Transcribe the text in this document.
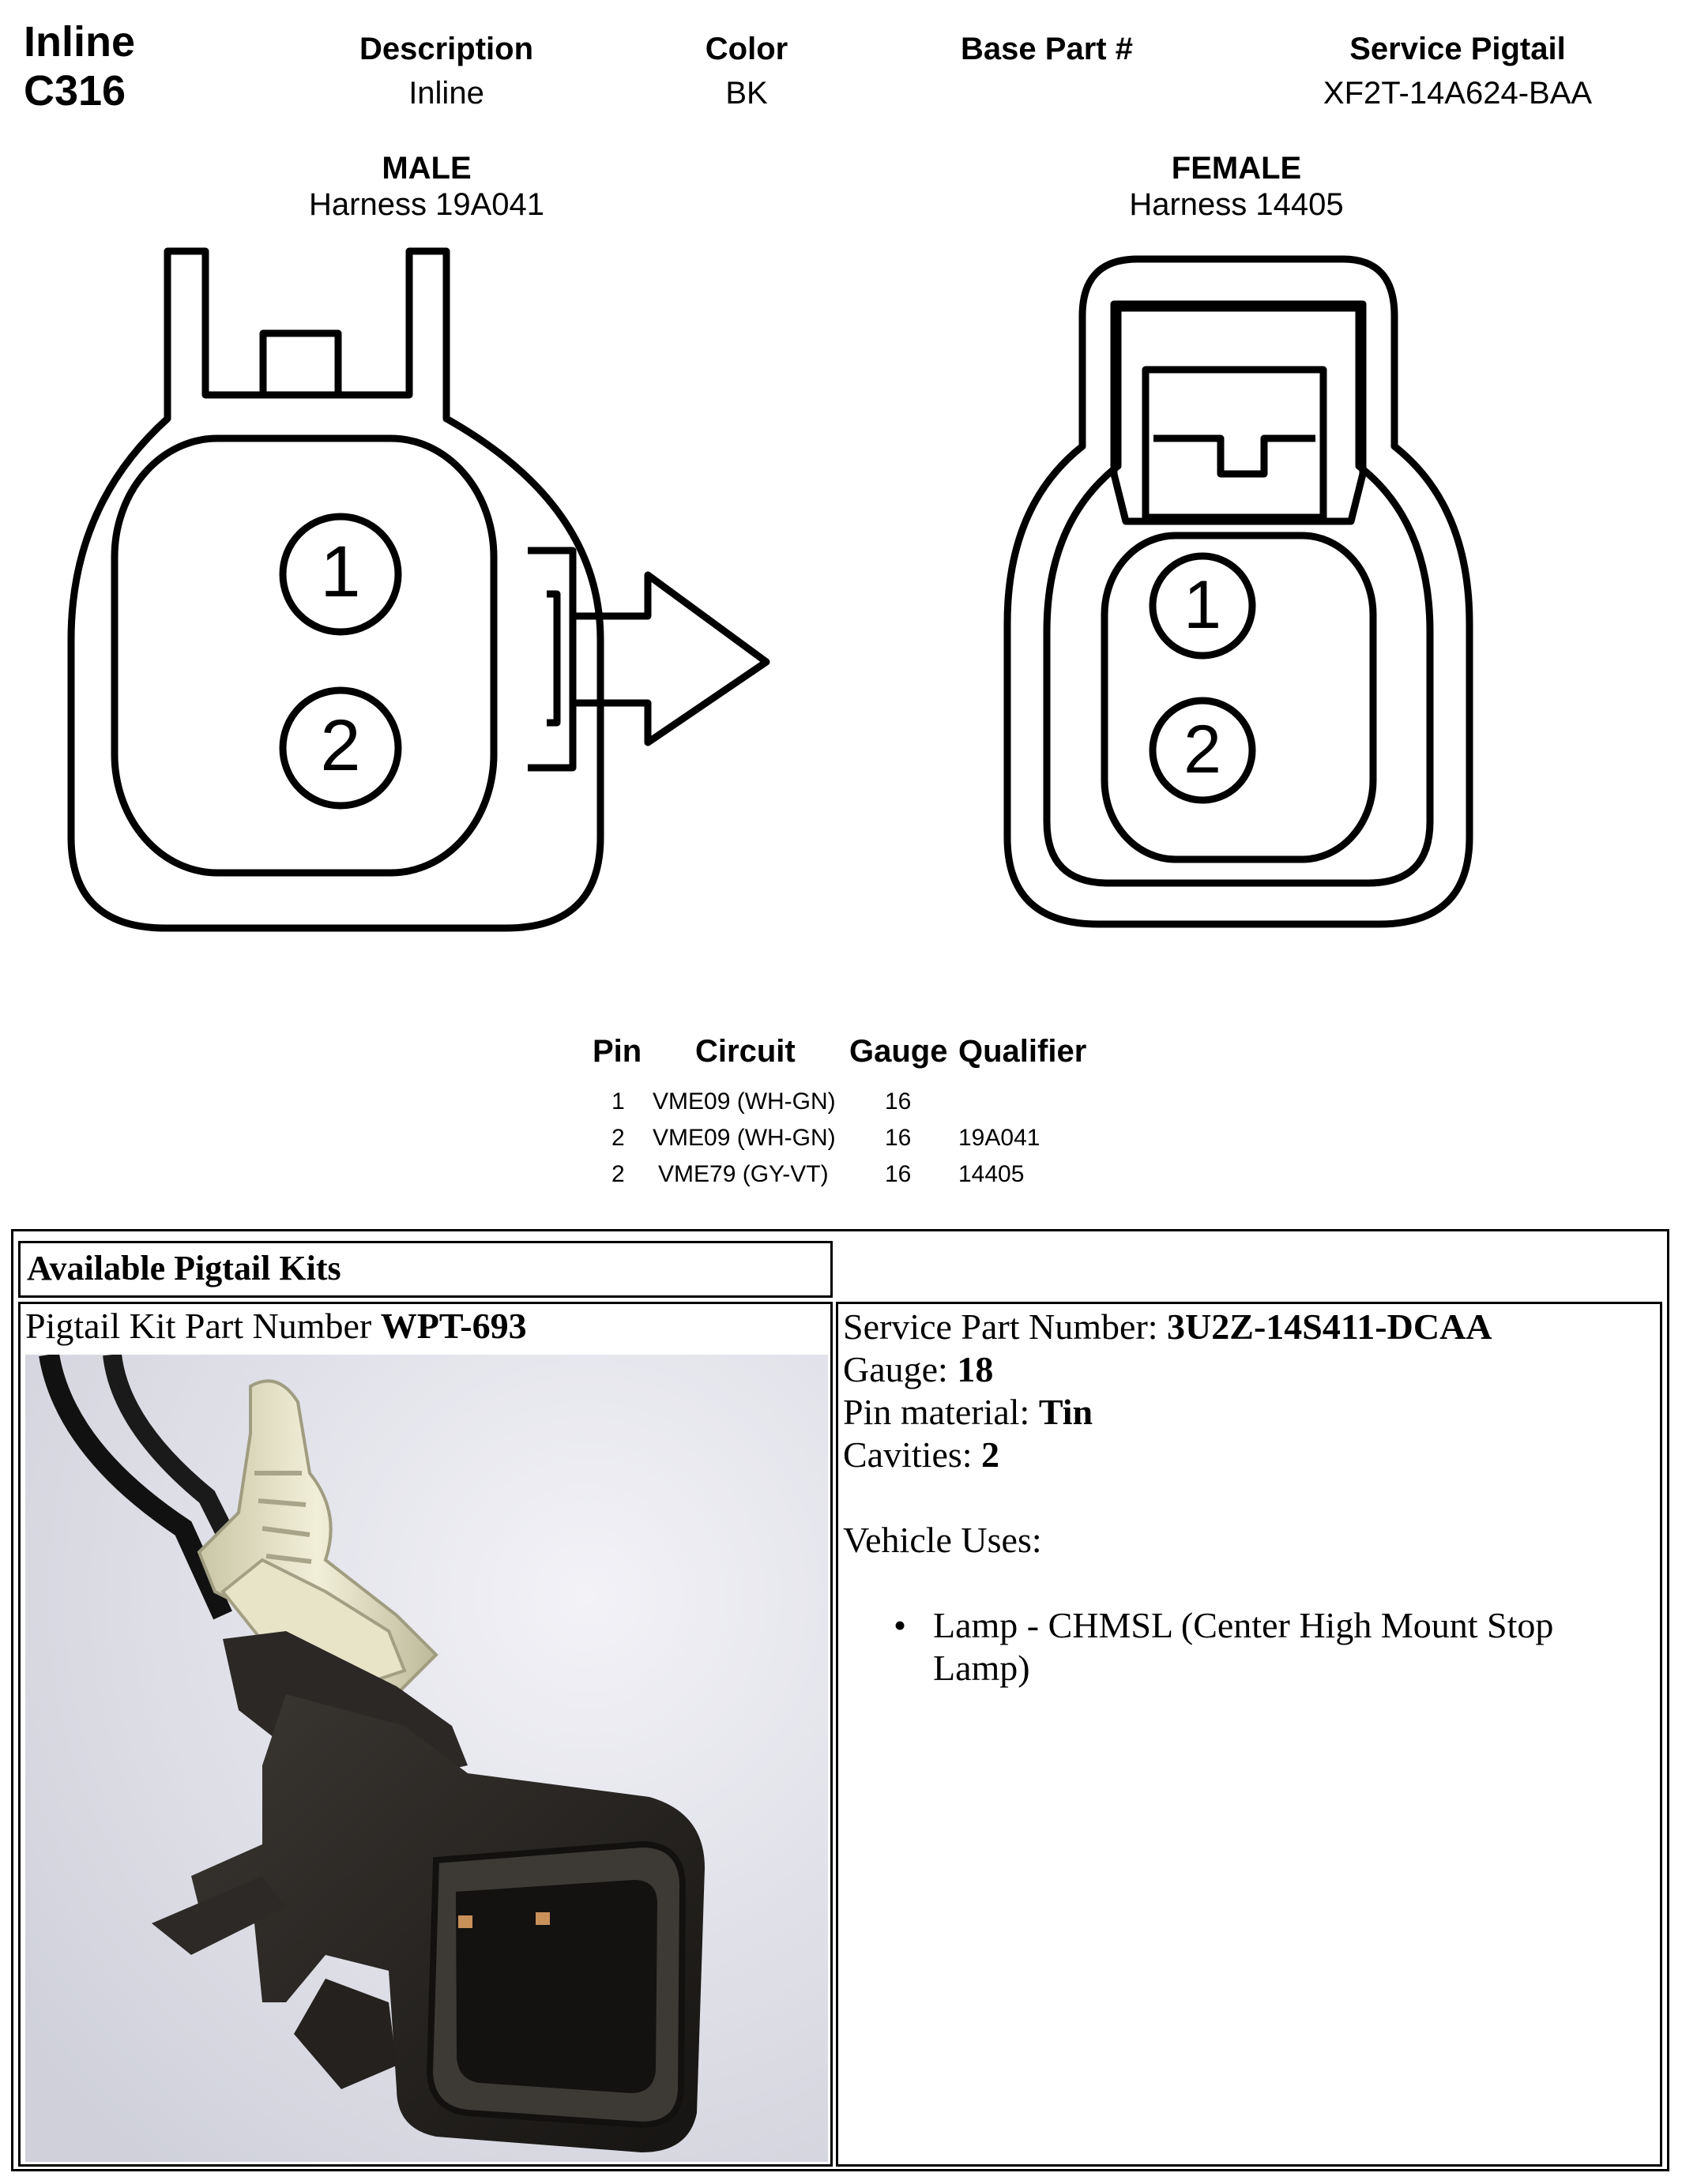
Inline
C316
Description
Inline
Color
BK
Base Part #	Service Pigtail
XF2T-14A624-BAA
MALE
Harness 19A041
FEMALE
Harness 14405
1
2
1
2
Pin Circuit Gauge Qualifier
1 VME09 (WH-GN) 16
2 VME09 (WH-GN) 16 19A041
2 VME79 (GY-VT) 16 14405
Available Pigtail Kits
Pigtail Kit Part Number WPT-693	Service Part Number: 3U2Z-14S411-DCAA
Gauge: 18
Pin material: Tin
Cavities: 2
Vehicle Uses:
• Lamp - CHMSL (Center High Mount Stop Lamp)
